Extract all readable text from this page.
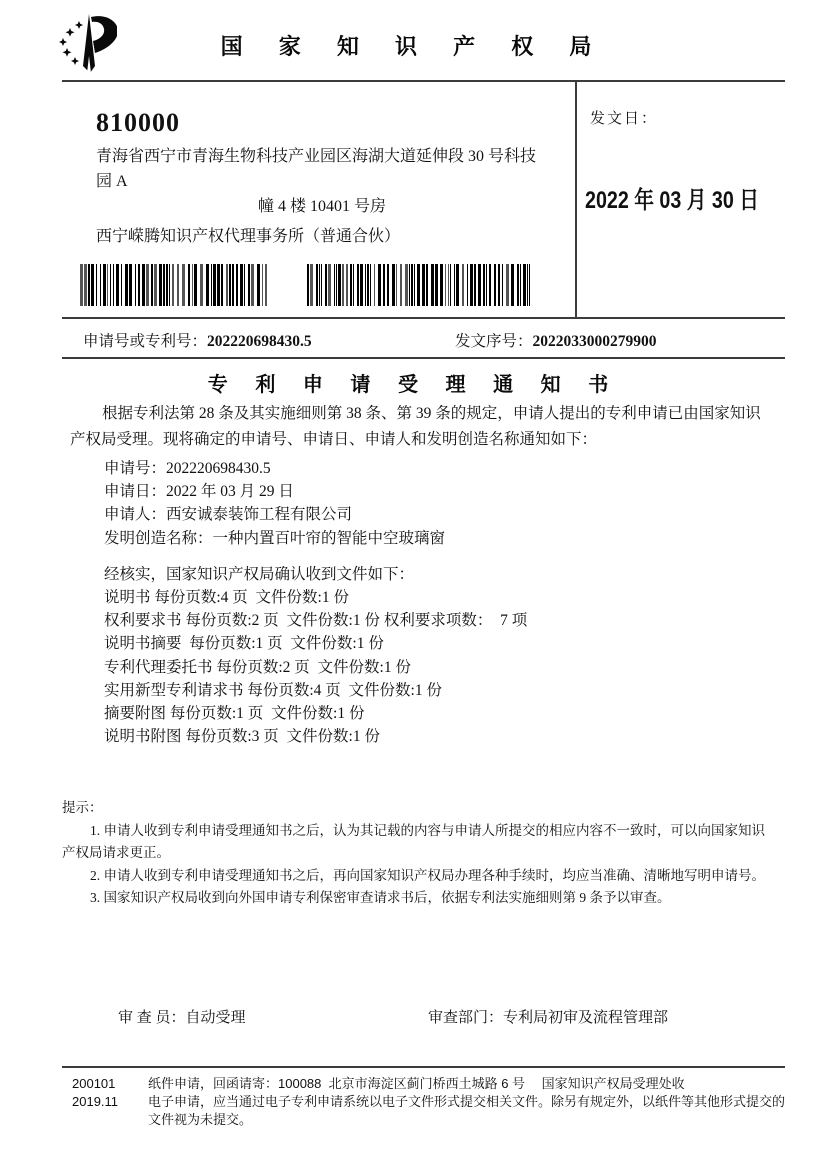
国 家 知 识 产 权 局
810000
青海省西宁市青海生物科技产业园区海湖大道延伸段 30 号科技园 A
幢 4 楼 10401 号房
西宁嵘腾知识产权代理事务所（普通合伙）
发文日：
2022 年 03 月 30 日
申请号或专利号：202220698430.5	发文序号：2022033000279900
专 利 申 请 受 理 通 知 书
根据专利法第 28 条及其实施细则第 38 条、第 39 条的规定，申请人提出的专利申请已由国家知识产权局受理。现将确定的申请号、申请日、申请人和发明创造名称通知如下：
申请号：202220698430.5
申请日：2022 年 03 月 29 日
申请人：西安诚泰装饰工程有限公司
发明创造名称：一种内置百叶帘的智能中空玻璃窗
经核实，国家知识产权局确认收到文件如下：
说明书 每份页数:4 页  文件份数:1 份
权利要求书 每份页数:2 页  文件份数:1 份 权利要求项数：  7 项
说明书摘要  每份页数:1 页  文件份数:1 份
专利代理委托书 每份页数:2 页  文件份数:1 份
实用新型专利请求书 每份页数:4 页  文件份数:1 份
摘要附图 每份页数:1 页  文件份数:1 份
说明书附图 每份页数:3 页  文件份数:1 份
提示：
1. 申请人收到专利申请受理通知书之后，认为其记载的内容与申请人所提交的相应内容不一致时，可以向国家知识产权局请求更正。
2. 申请人收到专利申请受理通知书之后，再向国家知识产权局办理各种手续时，均应当准确、清晰地写明申请号。
3. 国家知识产权局收到向外国申请专利保密审查请求书后，依据专利法实施细则第 9 条予以审查。
审 查 员：自动受理	审查部门：专利局初审及流程管理部
200101
2019.11
纸件申请，回函请寄：100088  北京市海淀区蓟门桥西土城路 6 号　 国家知识产权局受理处收
电子申请，应当通过电子专利申请系统以电子文件形式提交相关文件。除另有规定外，以纸件等其他形式提交的文件视为未提交。
